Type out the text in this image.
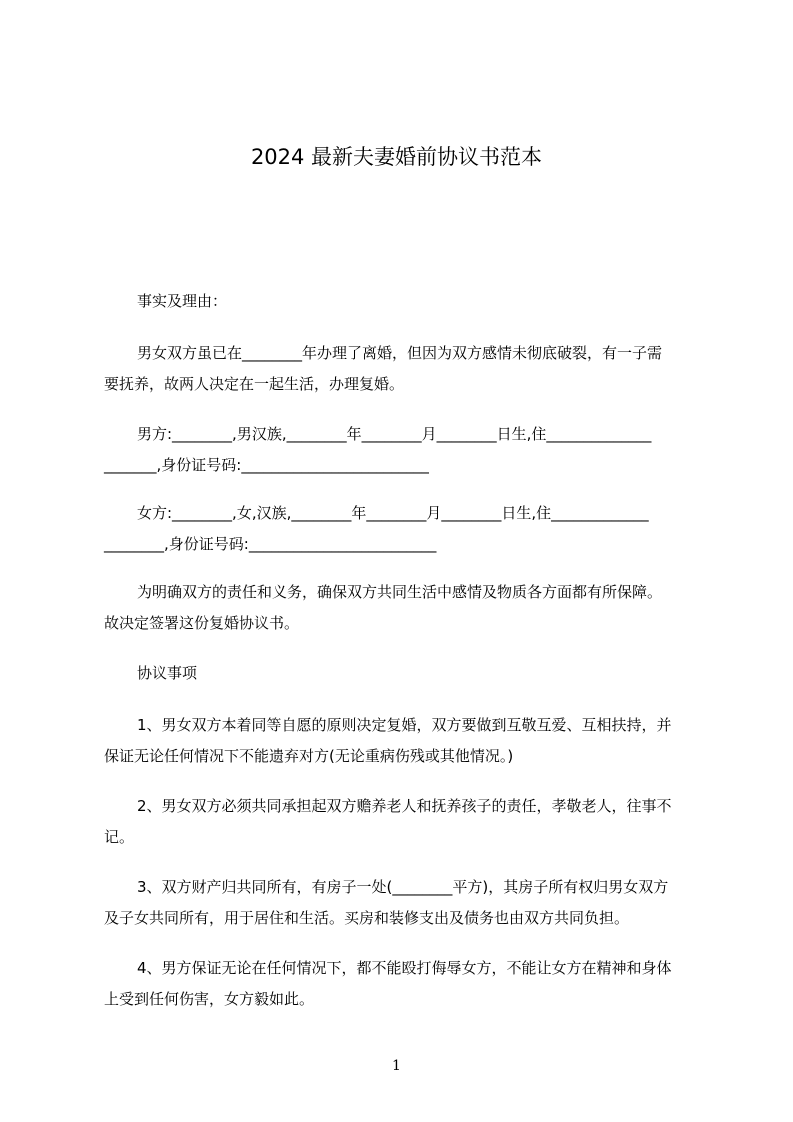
2024 最新夫妻婚前协议书范本
事实及理由：
男女双方虽已在________年办理了离婚，但因为双方感情未彻底破裂，有一子需
要抚养，故两人决定在一起生活，办理复婚。
男方:________,男汉族,________年________月________日生,住______________
_______,身份证号码:_________________________
女方:________,女,汉族,________年________月________日生,住_____________
________,身份证号码:_________________________
为明确双方的责任和义务，确保双方共同生活中感情及物质各方面都有所保障。
故决定签署这份复婚协议书。
协议事项
1、男女双方本着同等自愿的原则决定复婚，双方要做到互敬互爱、互相扶持，并
保证无论任何情况下不能遗弃对方(无论重病伤残或其他情况。)
2、男女双方必须共同承担起双方赡养老人和抚养孩子的责任，孝敬老人，往事不
记。
3、双方财产归共同所有，有房子一处(________平方)，其房子所有权归男女双方
及子女共同所有，用于居住和生活。买房和装修支出及债务也由双方共同负担。
4、男方保证无论在任何情况下，都不能殴打侮辱女方，不能让女方在精神和身体
上受到任何伤害，女方毅如此。
1
